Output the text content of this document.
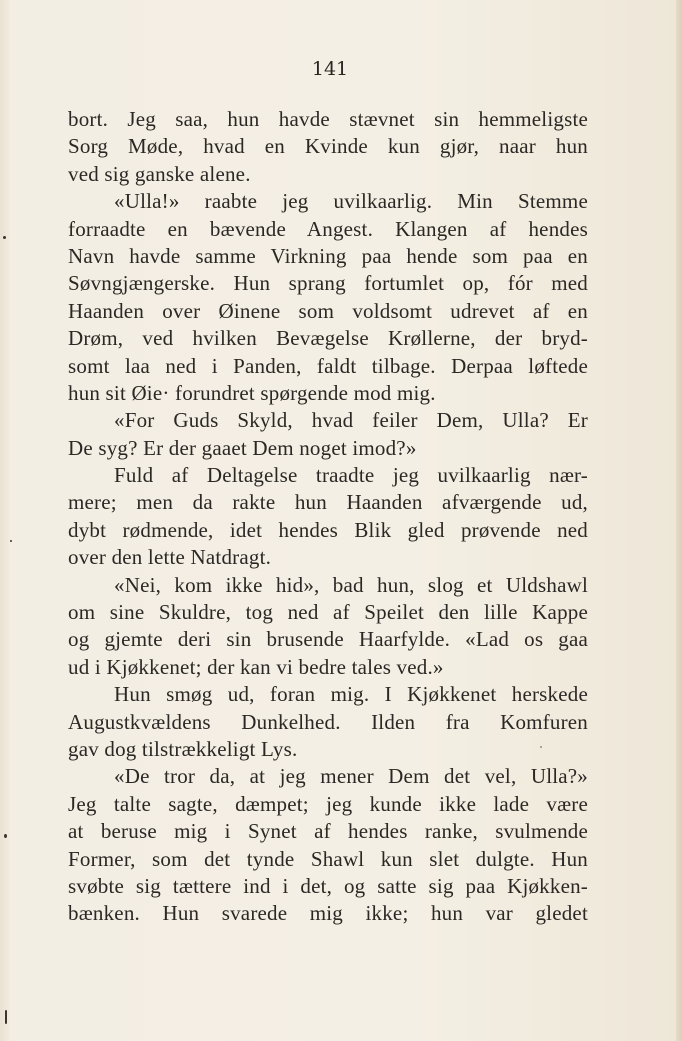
141
bort. Jeg saa, hun havde stævnet sin hemmeligste
Sorg Møde, hvad en Kvinde kun gjør, naar hun
ved sig ganske alene.
«Ulla!» raabte jeg uvilkaarlig. Min Stemme
forraadte en bævende Angest. Klangen af hendes
Navn havde samme Virkning paa hende som paa en
Søvngjængerske. Hun sprang fortumlet op, fór med
Haanden over Øinene som voldsomt udrevet af en
Drøm, ved hvilken Bevægelse Krøllerne, der bryd-
somt laa ned i Panden, faldt tilbage. Derpaa løftede
hun sit Øie· forundret spørgende mod mig.
«For Guds Skyld, hvad feiler Dem, Ulla? Er
De syg? Er der gaaet Dem noget imod?»
Fuld af Deltagelse traadte jeg uvilkaarlig nær-
mere; men da rakte hun Haanden afværgende ud,
dybt rødmende, idet hendes Blik gled prøvende ned
over den lette Natdragt.
«Nei, kom ikke hid», bad hun, slog et Uldshawl
om sine Skuldre, tog ned af Speilet den lille Kappe
og gjemte deri sin brusende Haarfylde. «Lad os gaa
ud i Kjøkkenet; der kan vi bedre tales ved.»
Hun smøg ud, foran mig. I Kjøkkenet herskede
Augustkvældens Dunkelhed. Ilden fra Komfuren
gav dog tilstrækkeligt Lys.
«De tror da, at jeg mener Dem det vel, Ulla?»
Jeg talte sagte, dæmpet; jeg kunde ikke lade være
at beruse mig i Synet af hendes ranke, svulmende
Former, som det tynde Shawl kun slet dulgte. Hun
svøbte sig tættere ind i det, og satte sig paa Kjøkken-
bænken. Hun svarede mig ikke; hun var gledet
